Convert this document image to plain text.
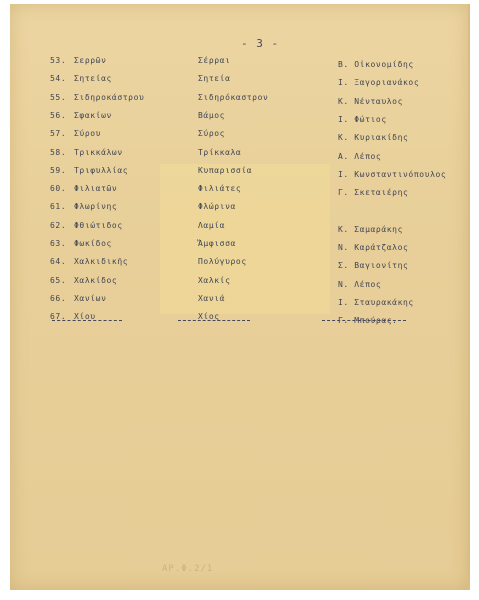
- 3 -
53. Σερρῶν
54. Σητείας
55. Σιδηροκάστρου
56. Σφακίων
57. Σύρου
58. Τρικκάλων
59. Τριφυλλίας
60. Φιλιατῶν
61. Φλωρίνης
62. Φθιώτιδος
63. Φωκίδος
64. Χαλκιδικῆς
65. Χαλκίδος
66. Χανίων
67. Χίου
Σέρραι
Σητεία
Σιδηρόκαστρον
Βάμος
Σύρος
Τρίκκαλα
Κυπαρισσία
Φιλιάτες
Φλώρινα
Λαμία
Ἄμφισσα
Πολύγυρος
Χαλκίς
Χανιά
Χίος
Β. Οἰκονομίδης
Ι. Ξαγοριανάκος
Κ. Νένταυλος
Ι. Φώτιος
Κ. Κυριακίδης
Α. Λέπος
Ι. Κωνσταντινόπουλος
Γ. Σκεταιέρης
Κ. Σαμαράκης
Ν. Καράτζαλος
Σ. Βαγιονίτης
Ν. Λέπος
Ι. Σταυρακάκης
Γ. Μπούρας.
ΑΡ.Φ.2/1
